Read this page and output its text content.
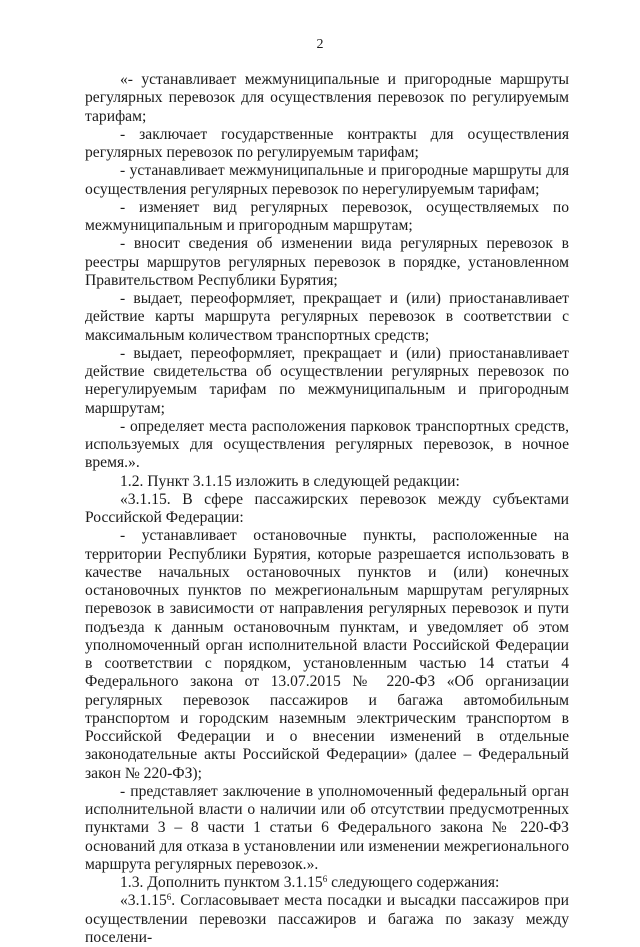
2

«- устанавливает межмуниципальные и пригородные маршруты регулярных перевозок для осуществления перевозок по регулируемым тарифам;

- заключает государственные контракты для осуществления регулярных перевозок по регулируемым тарифам;

- устанавливает межмуниципальные и пригородные маршруты для осуществления регулярных перевозок по нерегулируемым тарифам;

- изменяет вид регулярных перевозок, осуществляемых по межмуниципальным и пригородным маршрутам;

- вносит сведения об изменении вида регулярных перевозок в реестры маршрутов регулярных перевозок в порядке, установленном Правительством Республики Бурятия;

- выдает, переоформляет, прекращает и (или) приостанавливает действие карты маршрута регулярных перевозок в соответствии с максимальным количеством транспортных средств;

- выдает, переоформляет, прекращает и (или) приостанавливает действие свидетельства об осуществлении регулярных перевозок по нерегулируемым тарифам по межмуниципальным и пригородным маршрутам;

- определяет места расположения парковок транспортных средств, используемых для осуществления регулярных перевозок, в ночное время.».

1.2. Пункт 3.1.15 изложить в следующей редакции:

«3.1.15. В сфере пассажирских перевозок между субъектами Российской Федерации:

- устанавливает остановочные пункты, расположенные на территории Республики Бурятия, которые разрешается использовать в качестве начальных остановочных пунктов и (или) конечных остановочных пунктов по межрегиональным маршрутам регулярных перевозок в зависимости от направления регулярных перевозок и пути подъезда к данным остановочным пунктам, и уведомляет об этом уполномоченный орган исполнительной власти Российской Федерации в соответствии с порядком, установленным частью 14 статьи 4 Федерального закона от 13.07.2015 № 220-ФЗ «Об организации регулярных перевозок пассажиров и багажа автомобильным транспортом и городским наземным электрическим транспортом в Российской Федерации и о внесении изменений в отдельные законодательные акты Российской Федерации» (далее – Федеральный закон № 220-ФЗ);

- представляет заключение в уполномоченный федеральный орган исполнительной власти о наличии или об отсутствии предусмотренных пунктами 3 – 8 части 1 статьи 6 Федерального закона № 220-ФЗ оснований для отказа в установлении или изменении межрегионального маршрута регулярных перевозок.».

1.3. Дополнить пунктом 3.1.15$^6$ следующего содержания:

«3.1.15$^6$. Согласовывает места посадки и высадки пассажиров при осуществлении перевозки пассажиров и багажа по заказу между поселени-
